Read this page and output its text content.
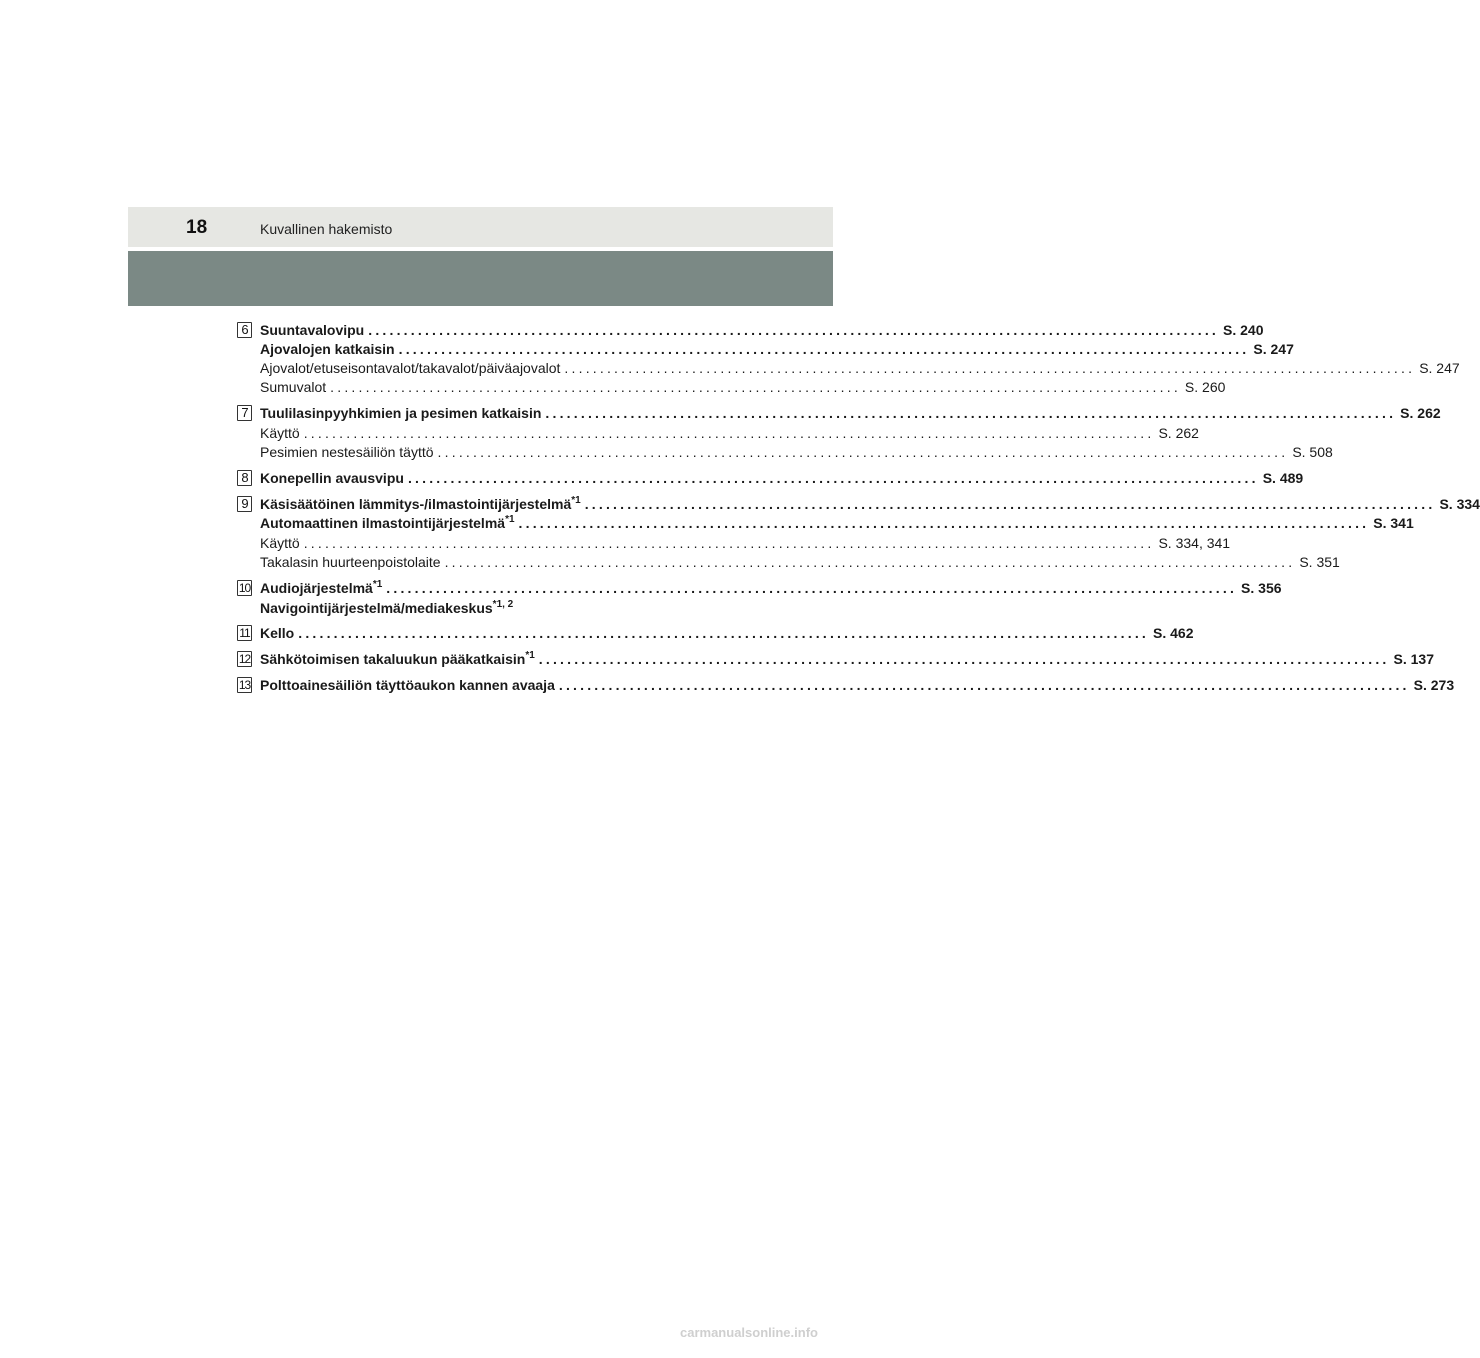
18	Kuvallinen hakemisto
6 Suuntavalovipu ........................................................................................................................ S. 240
Ajovalojen katkaisin ........................................................................................................................ S. 247
Ajovalot/etuseisontavalot/takavalot/päiväajovalot ........................................................................................................................ S. 247
Sumuvalot ........................................................................................................................ S. 260
7 Tuulilasinpyyhkimien ja pesimen katkaisin ........................................................................................................................ S. 262
Käyttö ........................................................................................................................ S. 262
Pesimien nestesäiliön täyttö ........................................................................................................................ S. 508
8 Konepellin avausvipu ........................................................................................................................ S. 489
9 Käsisäätöinen lämmitys-/ilmastointijärjestelmä$^{*1}$ ........................................................................................................................ S. 334
Automaattinen ilmastointijärjestelmä$^{*1}$ ........................................................................................................................ S. 341
Käyttö ........................................................................................................................ S. 334, 341
Takalasin huurteenpoistolaite ........................................................................................................................ S. 351
10 Audiojärjestelmä$^{*1}$ ........................................................................................................................ S. 356
Navigointijärjestelmä/mediakeskus$^{*1, 2}$
11 Kello ........................................................................................................................ S. 462
12 Sähkötoimisen takaluukun pääkatkaisin$^{*1}$ ........................................................................................................................ S. 137
13 Polttoainesäiliön täyttöaukon kannen avaaja ........................................................................................................................ S. 273
carmanualsonline.info
